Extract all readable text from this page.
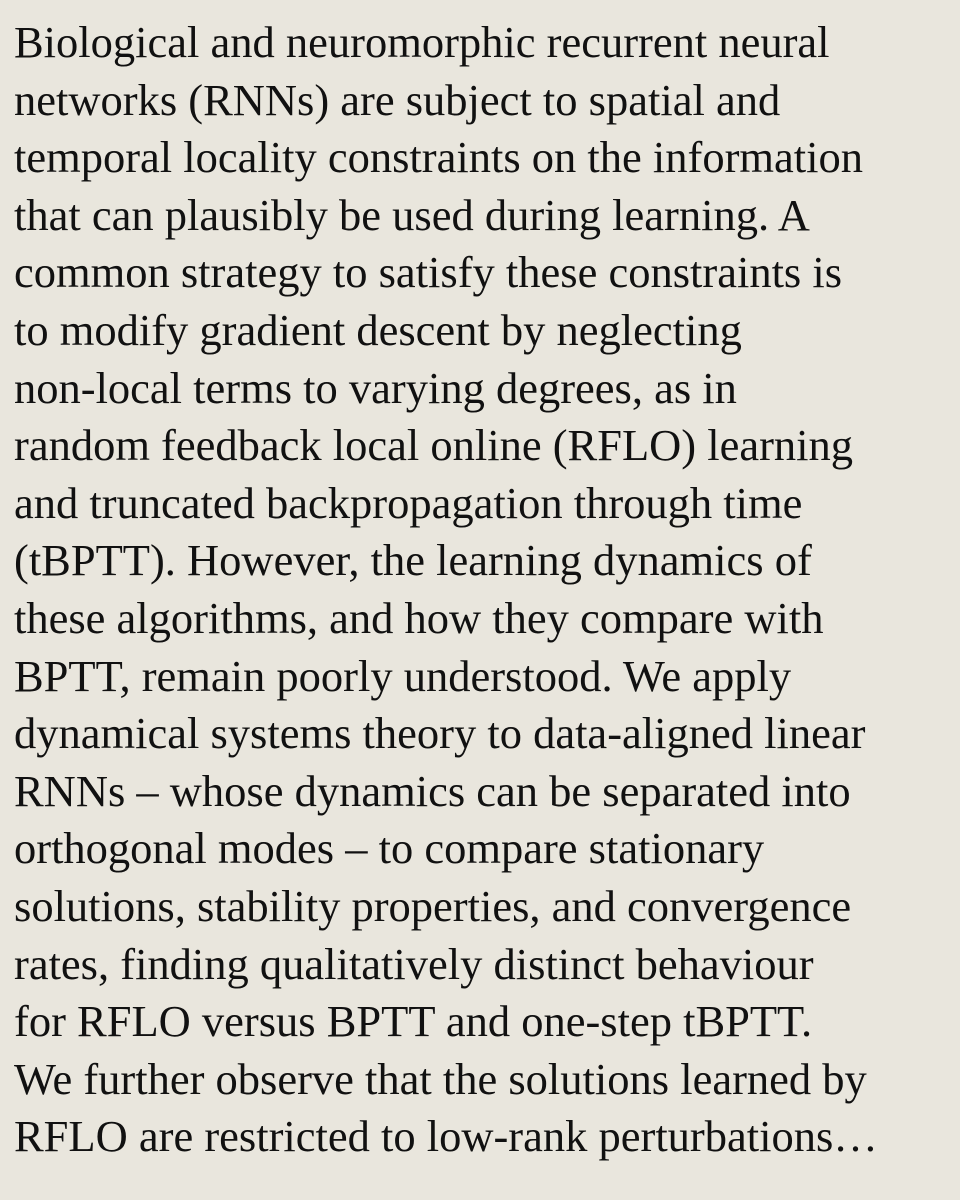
Biological and neuromorphic recurrent neural
networks (RNNs) are subject to spatial and
temporal locality constraints on the information
that can plausibly be used during learning. A
common strategy to satisfy these constraints is
to modify gradient descent by neglecting
non-local terms to varying degrees, as in
random feedback local online (RFLO) learning
and truncated backpropagation through time
(tBPTT). However, the learning dynamics of
these algorithms, and how they compare with
BPTT, remain poorly understood. We apply
dynamical systems theory to data-aligned linear
RNNs – whose dynamics can be separated into
orthogonal modes – to compare stationary
solutions, stability properties, and convergence
rates, finding qualitatively distinct behaviour
for RFLO versus BPTT and one-step tBPTT.
We further observe that the solutions learned by
RFLO are restricted to low-rank perturbations…
